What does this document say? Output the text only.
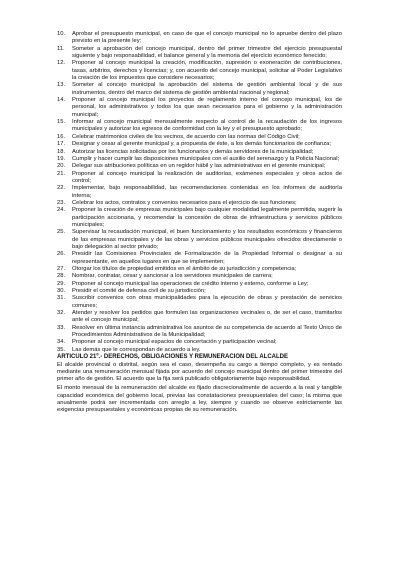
10.	Aprobar el presupuesto municipal, en caso de que el concejo municipal no lo apruebe dentro del plazo previsto en la presente ley;
11.	Someter a aprobación del concejo municipal, dentro del primer trimestre del ejercicio presupuestal siguiente y bajo responsabilidad, el balance general y la memoria del ejercicio económico fenecido;
12.	Proponer al concejo municipal la creación, modificación, supresión o exoneración de contribuciones, tasas, arbitrios, derechos y licencias; y, con acuerdo del concejo municipal, solicitar al Poder Legislativo la creación de los impuestos que considere necesarios;
13.	Someter al concejo municipal la aprobación del sistema de gestión ambiental local y de sus instrumentos, dentro del marco del sistema de gestión ambiental nacional y regional;
14.	Proponer al concejo municipal los proyectos de reglamento interno del concejo municipal, los de personal, los administrativos y todos los que sean necesarios para el gobierno y la administración municipal;
15.	Informar al concejo municipal mensualmente respecto al control de la recaudación de los ingresos municipales y autorizar los egresos de conformidad con la ley y el presupuesto aprobado;
16.	Celebrar matrimonios civiles de los vecinos, de acuerdo con las normas del Código Civil;
17.	Designar y cesar al gerente municipal y, a propuesta de éste, a los demás funcionarios de confianza;
18.	Autorizar las licencias solicitadas por los funcionarios y demás servidores de la municipalidad;
19.	Cumplir y hacer cumplir las disposiciones municipales con el auxilio del serenazgo y la Policía Nacional;
20.	Delegar sus atribuciones políticas en un regidor hábil y las administrativas en el gerente municipal;
21.	Proponer al concejo municipal la realización de auditorías, exámenes especiales y otros actos de control;
22.	Implementar, bajo responsabilidad, las recomendaciones contenidas en los informes de auditoría interna;
23.	Celebrar los actos, contratos y convenios necesarios para el ejercicio de sus funciones;
24.	Proponer la creación de empresas municipales bajo cualquier modalidad legalmente permitida, sugerir la participación accionaria, y recomendar la concesión de obras de infraestructura y servicios públicos municipales;
25.	Supervisar la recaudación municipal, el buen funcionamiento y los resultados económicos y financieros de las empresas municipales y de las obras y servicios públicos municipales ofrecidos directamente o bajo delegación al sector privado;
26.	Presidir las Comisiones Provinciales de Formalización de la Propiedad Informal o designar a su representante, en aquellos lugares en que se implementen;
27.	Otorgar los títulos de propiedad emitidos en el ámbito de su jurisdicción y competencia;
28.	Nombrar, contratar, cesar y sancionar a los servidores municipales de carrera;
29.	Proponer al concejo municipal las operaciones de crédito interno y externo, conforme a Ley;
30.	Presidir el comité de defensa civil de su jurisdicción;
31.	Suscribir convenios con otras municipalidades para la ejecución de obras y prestación de servicios comunes;
32.	Atender y resolver los pedidos que formulen las organizaciones vecinales o, de ser el caso, tramitarlos ante el concejo municipal;
33.	Resolver en última instancia administrativa los asuntos de su competencia de acuerdo al Texto Único de Procedimientos Administrativos de la Municipalidad;
34.	Proponer al concejo municipal espacios de concertación y participación vecinal;
35.	Las demás que le correspondan de acuerdo a ley.
ARTICULO 21º.- DERECHOS, OBLIGACIONES Y REMUNERACION DEL ALCALDE

El alcalde provincial o distrital, según sea el caso, desempeña su cargo a tiempo completo, y es rentado mediante una remuneración mensual fijada por acuerdo del concejo municipal dentro del primer trimestre del primer año de gestión. El acuerdo que la fija será publicado obligatoriamente bajo responsabilidad.

El monto mensual de la remuneración del alcalde es fijado discrecionalmente de acuerdo a la real y tangible capacidad económica del gobierno local, previas las constataciones presupuestales del caso; la misma que anualmente podrá ser incrementada con arreglo a ley, siempre y cuando se observe estrictamente las exigencias presupuestales y económicas propias de su remuneración.
